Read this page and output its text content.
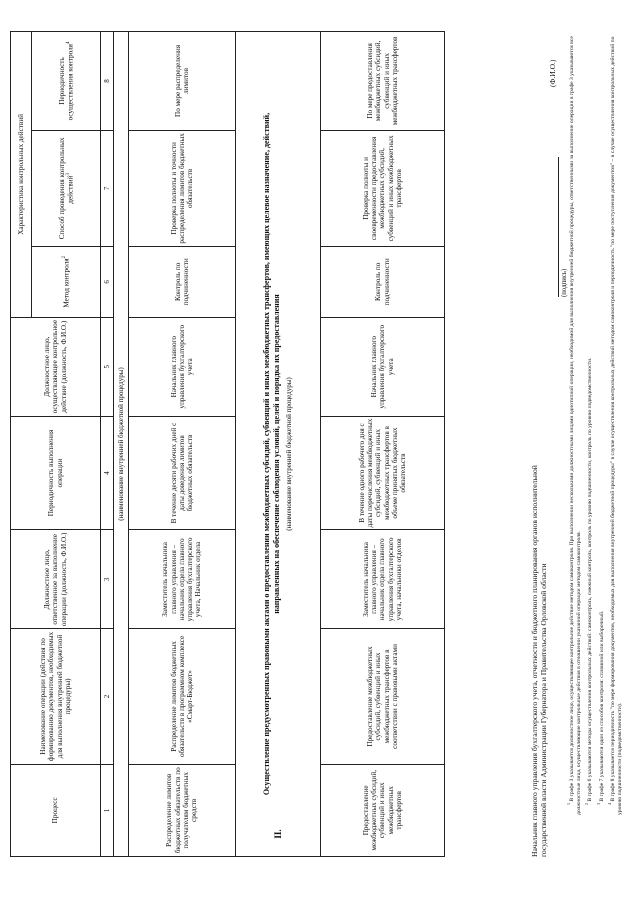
Процесс	Наименование операции (действия по формированию документов, необходимых для выполнения внутренней бюджетной процедуры)	Должностное лицо, ответственное за выполнение операции (должность, Ф.И.О.)	Периодичность выполнения операции	Должностное лицо, осуществляющее контрольное действие (должность, Ф.И.О.)	Характеристика контрольных действий		
					Метод контроля$^2$	Способ проведения контрольных действий$^3$	Периодичность осуществления контроля$^4$
1	2	3	4	5	6	7	8
(наименование внутренней бюджетной процедуры)							
Распределение лимитов бюджетных обязательств по получателям бюджетных средств	Распределение лимитов бюджетных обязательств в программном комплексе «Смарт-Бюджет»	Заместитель начальника главного управления – начальник отдела главного управления бухгалтерского учета, Начальник отдела	В течение десяти рабочих дней с даты доведения лимитов бюджетных обязательств	Начальник главного управления бухгалтерского учета	Контроль по подчиненности	Проверка полноты и точности распределения лимитов бюджетных обязательств	По мере распределения лимитов

II.
Осуществление предусмотренных правовыми актами о предоставлении межбюджетных субсидий, субвенций и иных межбюджетных трансфертов, имеющих целевое назначение, действий, направленных на обеспечение соблюдения условий, целей и порядка их предоставления (наименование внутренней бюджетной процедуры)							

Предоставление межбюджетных субсидий, субвенций и иных межбюджетных трансфертов	Предоставление межбюджетных субсидий, субвенций и иных межбюджетных трансфертов в соответствии с правовыми актами	Заместитель начальника главного управления – начальник отдела главного управления бухгалтерского учета, начальники отделов	В течение одного рабочего дня с даты перечисления межбюджетных субсидий, субвенций и иных межбюджетных трансфертов в объеме принятых бюджетных обязательств	Начальник главного управления бухгалтерского учета	Контроль по подчиненности	Проверка полноты и своевременности предоставления межбюджетных субсидий, субвенций и иных межбюджетных трансфертов	По мере предоставления межбюджетных субсидий, субвенций и иных межбюджетных трансфертов
Начальник главного управления бухгалтерского учета, отчетности и бюджетного планирования органов исполнительной государственной власти Администрации Губернатора и Правительства Орловской области
(подпись)
(Ф.И.О.)

$^1$ В графе 3 указывается должностное лицо, осуществляющее контрольное действие методом самоконтроля. При выполнении несколькими должностными лицами однотипной операции, необходимой для выполнения внутренней бюджетной процедуры, ответственными за выполнение операции в графе 3 указываются все должностные лица, осуществляющие контрольные действия в отношении указанной операции методом самоконтроля. $^2$ В графе 6 указываются методы осуществления контрольных действий: самоконтроль, смежный контроль, контроль по уровню подчиненности, контроль по уровню подведомственности.

$^3$ В графе 7 указываются один из способов контроля: сплошной или выборочный.

$^4$ В графе 8 указывается периодичность "по мере формирования документов, необходимых для выполнения внутренней бюджетной процедуры" в случае осуществления контрольных действий методом самоконтроля и периодичность "по мере поступления документов" – в случае осуществления контрольных действий по уровню подчиненности (подведомственности).
